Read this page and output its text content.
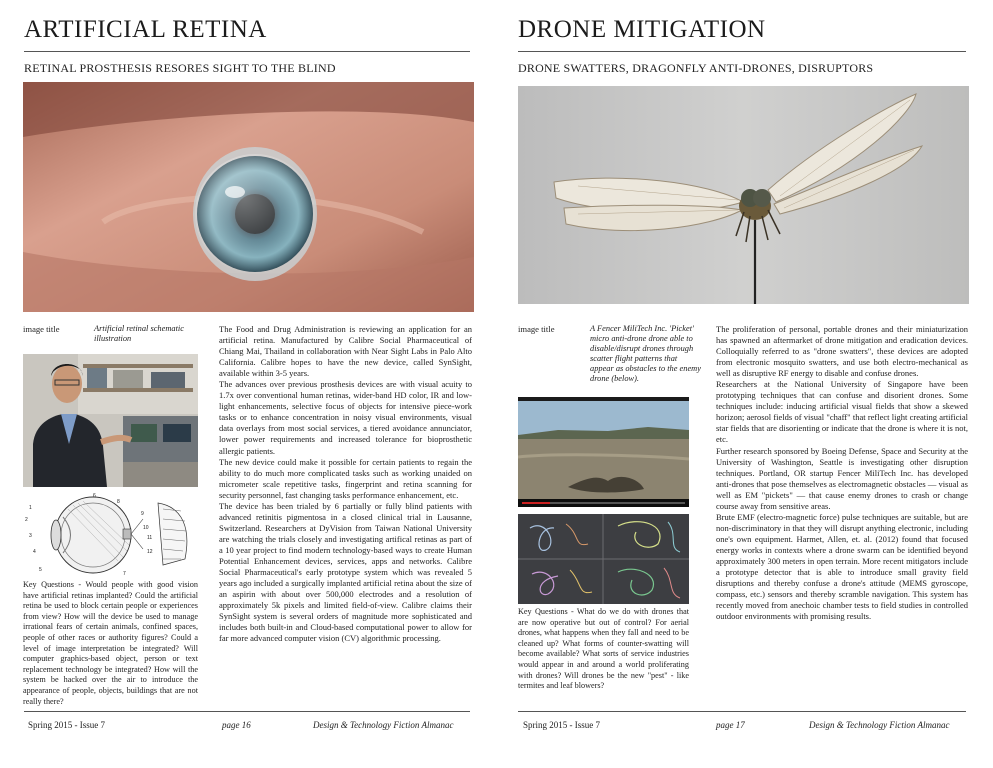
ARTIFICIAL RETINA
RETINAL PROSTHESIS RESORES SIGHT TO THE BLIND
image title	Artificial retinal schematic illustration
1
2
3
4
5
6
7
8
9
10
11
12
Key Questions - Would people with good vision have artificial retinas implanted? Could the artificial retina be used to block certain people or experiences from view? How will the device be used to manage irrational fears of certain animals, confined spaces, people of other races or authority figures? Could a level of image interpretation be integrated? Will computer graphics-based object, person or text replacement technology be integrated? How will the system be hacked over the air to introduce the appearance of people, objects, buildings that are not really there?

The Food and Drug Administration is reviewing an application for an artificial retina. Manufactured by Calibre Social Pharmaceutical of Chiang Mai, Thailand in collaboration with Near Sight Labs in Palo Alto California. Calibre hopes to have the new device, called SynSight, available within 3-5 years.

The advances over previous prosthesis devices are with visual acuity to 1.7x over conventional human retinas, wider-band HD color, IR and low-light enhancements, selective focus of objects for intensive piece-work tasks or to enhance concentration in noisy visual environments, visual data overlays from most social services, a tiered avoidance annunciator, lower power requirements and increased tolerance for bioprosthetic allergic patients.

The new device could make it possible for certain patients to regain the ability to do much more complicated tasks such as working unaided on micrometer scale repetitive tasks, fingerprint and retina scanning for security personnel, fast changing tasks performance enhancement, etc.

The device has been trialed by 6 partially or fully blind patients with advanced retinitis pigmentosa in a closed clinical trial in Lausanne, Switzerland. Researchers at DyVision from Taiwan National University are watching the trials closely and investigating artifical retinas as part of a 10 year project to find modern technology-based ways to create Human Potential Enhancement devices, services, apps and networks. Calibre Social Pharmaceutical's early prototype system which was revealed 5 years ago included a surgically implanted artificial retina about the size of an aspirin with about over 500,000 electrodes and a resolution of approximately 5k pixels and limited field-of-view. Calibre claims their SynSight system is several orders of magnitude more sophisticated and includes both built-in and Cloud-based computational power to allow for far more advanced computer vision (CV) algorithmic processing.

Spring 2015 - Issue 7	page 16	Design & Technology Fiction Almanac
DRONE MITIGATION
DRONE SWATTERS, DRAGONFLY ANTI-DRONES, DISRUPTORS
image title	A Fencer MiliTech Inc. 'Picket' micro anti-drone drone able to disable/disrupt drones through scatter flight patterns that appear as obstacles to the enemy drone (below).
Key Questions - What do we do with drones that are now operative but out of control? For aerial drones, what happens when they fall and need to be cleaned up? What forms of counter-swatting will become available? What sorts of service industries would appear in and around a world proliferating with drones? Will drones be the new "pest" - like termites and leaf blowers?

The proliferation of personal, portable drones and their miniaturization has spawned an aftermarket of drone mitigation and eradication devices. Colloquially referred to as "drone swatters", these devices are adopted from electronic mosquito swatters, and use both electro-mechanical as well as disruptive RF energy to disable and confuse drones.

Researchers at the National University of Singapore have been prototyping techniques that can confuse and disorient drones. Some techniques include: inducing artificial visual fields that show a skewed horizon; aerosol fields of visual "chaff" that reflect light creating artificial star fields that are disorienting or indicate that the drone is where it is not, etc.

Further research sponsored by Boeing Defense, Space and Security at the University of Washington, Seattle is investigating other disruption techniques. Portland, OR startup Fencer MiliTech Inc. has developed anti-drones that pose themselves as electromagnetic obstacles — visual as well as EM "pickets" — that cause enemy drones to crash or change course away from sensitive areas.

Brute EMF (electro-magnetic force) pulse techniques are suitable, but are non-discriminatory in that they will disrupt anything electronic, including one's own equipment. Harmet, Allen, et. al. (2012) found that focused energy works in contexts where a drone swarm can be identified beyond approximately 300 meters in open terrain. More recent mitigators include a prototype detector that is able to introduce small gravity field disruptions and thereby confuse a drone's attitude (MEMS gyroscope, compass, etc.) sensors and thereby scramble navigation. This system has recently moved from anechoic chamber tests to field studies in controlled outdoor environments with promising results.

Spring 2015 - Issue 7	page 17	Design & Technology Fiction Almanac
